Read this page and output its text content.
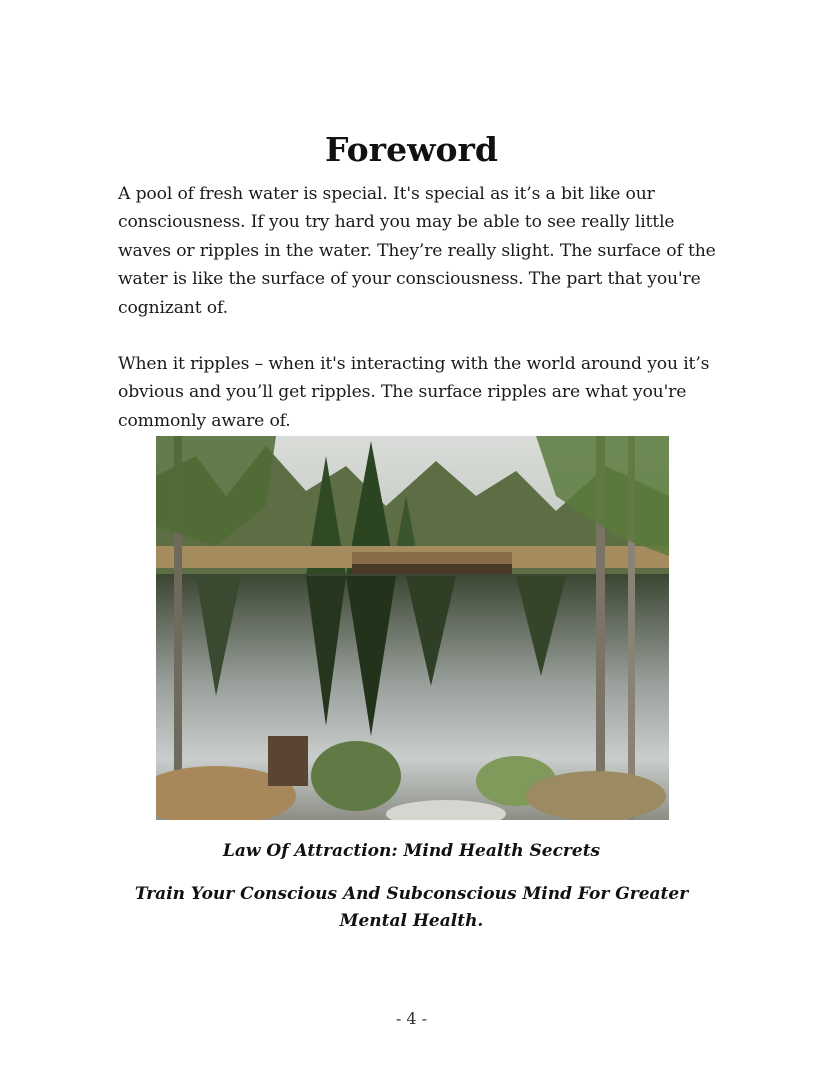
Foreword

A pool of fresh water is special. It's special as it’s a bit like our consciousness. If you try hard you may be able to see really little waves or ripples in the water. They’re really slight. The surface of the water is like the surface of your consciousness. The part that you're cognizant of.

When it ripples – when it's interacting with the world around you it’s obvious and you’ll get ripples. The surface ripples are what you're commonly aware of.

Law Of Attraction: Mind Health Secrets

Train Your Conscious And Subconscious Mind For Greater Mental Health.

- 4 -
